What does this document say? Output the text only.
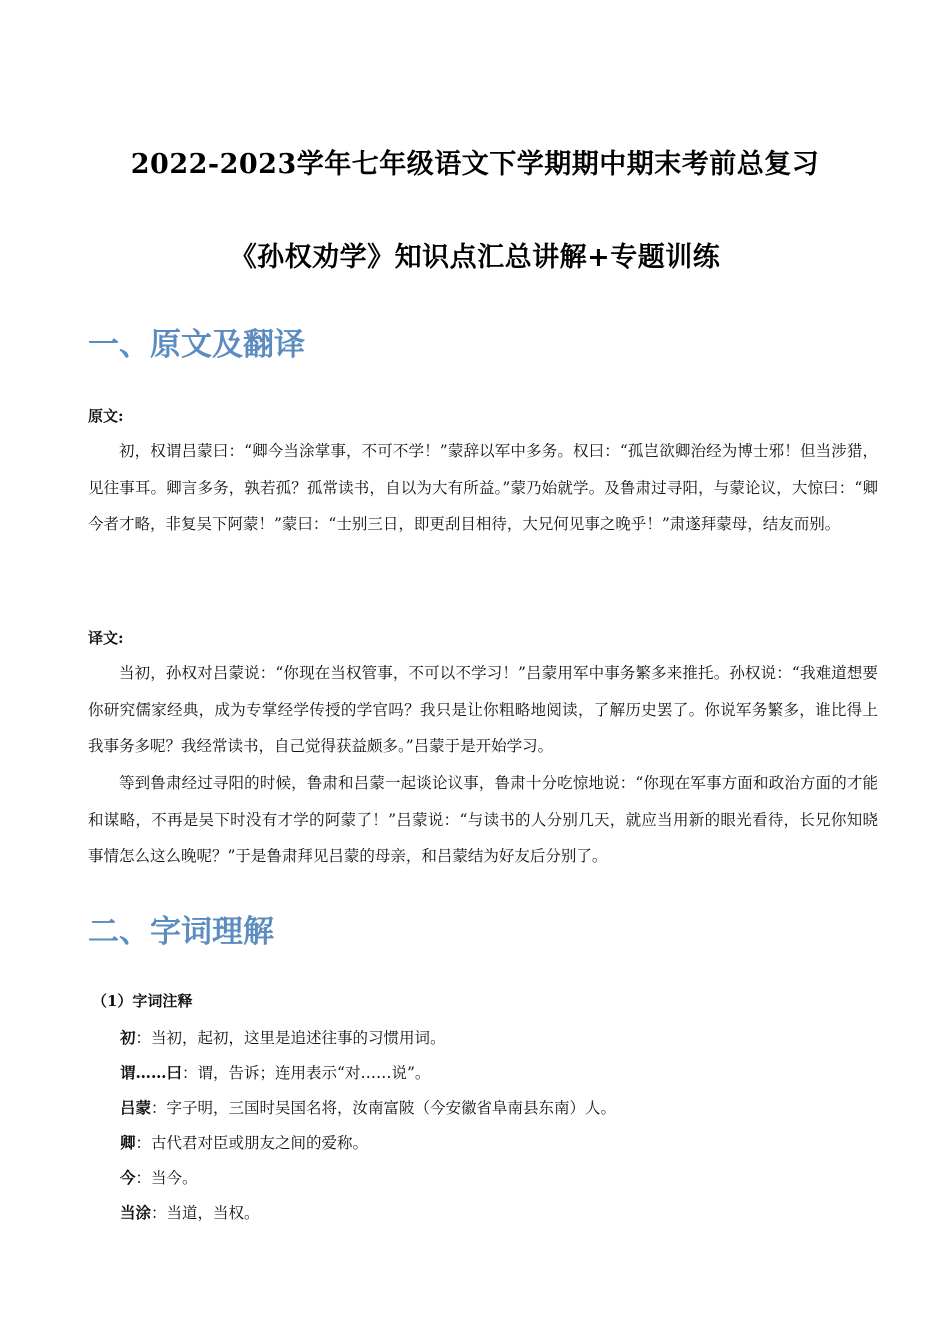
2022-2023学年七年级语文下学期期中期末考前总复习
《孙权劝学》知识点汇总讲解+专题训练
一、原文及翻译
原文:

初，权谓吕蒙曰：“卿今当涂掌事，不可不学！”蒙辞以军中多务。权曰：“孤岂欲卿治经为博士邪！但当涉猎，见往事耳。卿言多务，孰若孤？孤常读书，自以为大有所益。”蒙乃始就学。及鲁肃过寻阳，与蒙论议，大惊曰：“卿今者才略，非复吴下阿蒙！”蒙曰：“士别三日，即更刮目相待，大兄何见事之晚乎！”肃遂拜蒙母，结友而别。

译文:

当初，孙权对吕蒙说：“你现在当权管事，不可以不学习！”吕蒙用军中事务繁多来推托。孙权说：“我难道想要你研究儒家经典，成为专掌经学传授的学官吗？我只是让你粗略地阅读，了解历史罢了。你说军务繁多，谁比得上我事务多呢？我经常读书，自己觉得获益颇多。”吕蒙于是开始学习。

等到鲁肃经过寻阳的时候，鲁肃和吕蒙一起谈论议事，鲁肃十分吃惊地说：“你现在军事方面和政治方面的才能和谋略，不再是吴下时没有才学的阿蒙了！”吕蒙说：“与读书的人分别几天，就应当用新的眼光看待，长兄你知晓事情怎么这么晚呢？”于是鲁肃拜见吕蒙的母亲，和吕蒙结为好友后分别了。

二、字词理解
（1）字词注释
初：当初，起初，这里是追述往事的习惯用词。
谓……曰：谓，告诉；连用表示“对……说”。
吕蒙：字子明，三国时吴国名将，汝南富陂（今安徽省阜南县东南）人。
卿：古代君对臣或朋友之间的爱称。
今：当今。
当涂：当道，当权。
